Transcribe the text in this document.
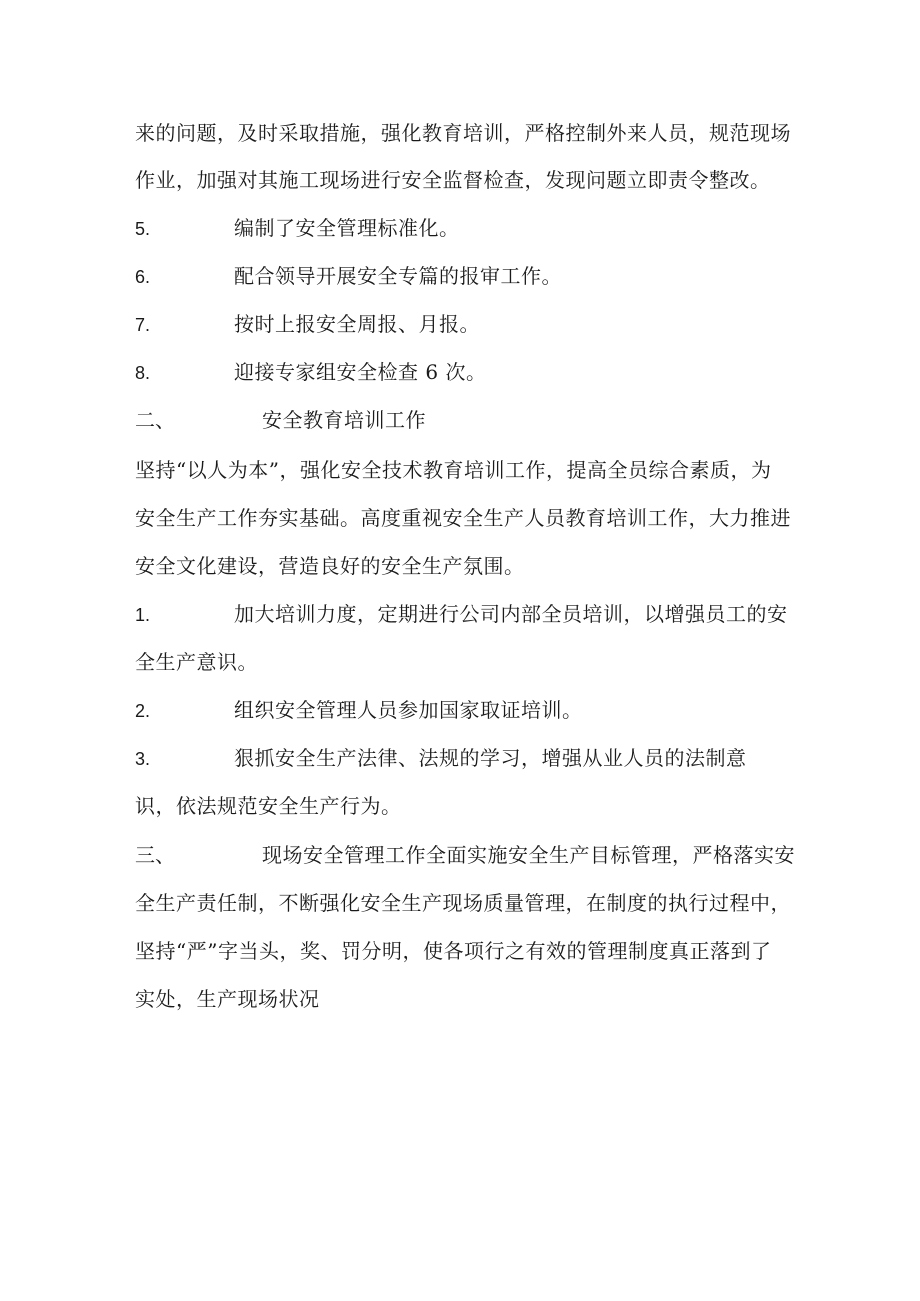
来的问题，及时采取措施，强化教育培训，严格控制外来人员，规范现场
作业，加强对其施工现场进行安全监督检查，发现问题立即责令整改。
5.	编制了安全管理标准化。
6.	配合领导开展安全专篇的报审工作。
7.	按时上报安全周报、月报。
8.	迎接专家组安全检查 6 次。
二、	安全教育培训工作
坚持“以人为本”，强化安全技术教育培训工作，提高全员综合素质，为
安全生产工作夯实基础。高度重视安全生产人员教育培训工作，大力推进
安全文化建设，营造良好的安全生产氛围。
1.	加大培训力度，定期进行公司内部全员培训，以增强员工的安
全生产意识。
2.	组织安全管理人员参加国家取证培训。
3.	狠抓安全生产法律、法规的学习，增强从业人员的法制意
识，依法规范安全生产行为。
三、	现场安全管理工作全面实施安全生产目标管理，严格落实安
全生产责任制，不断强化安全生产现场质量管理，在制度的执行过程中，
坚持“严”字当头，奖、罚分明，使各项行之有效的管理制度真正落到了
实处，生产现场状况
